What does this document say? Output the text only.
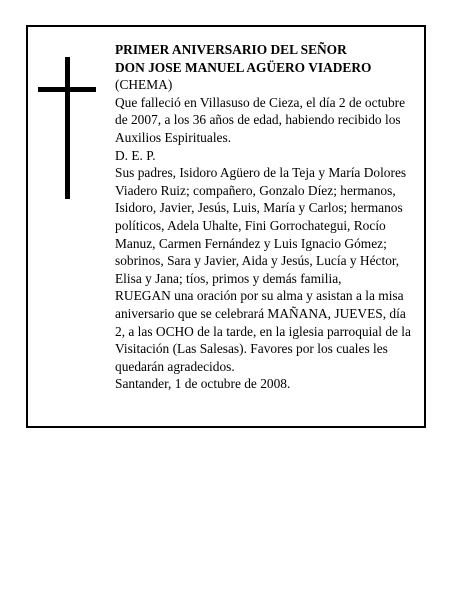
PRIMER ANIVERSARIO DEL SEÑOR

DON JOSE MANUEL AGÜERO VIADERO

(CHEMA)

Que falleció en Villasuso de Cieza, el día 2 de octubre de 2007, a los 36 años de edad, habiendo recibido los Auxilios Espirituales.

D. E. P.

Sus padres, Isidoro Agüero de la Teja y María Dolores Viadero Ruiz; compañero, Gonzalo Díez; hermanos, Isidoro, Javier, Jesús, Luis, María y Carlos; hermanos políticos, Adela Uhalte, Fini Gorrochategui, Rocío Manuz, Carmen Fernández y Luis Ignacio Gómez; sobrinos, Sara y Javier, Aida y Jesús, Lucía y Héctor, Elisa y Jana; tíos, primos y demás familia,

RUEGAN una oración por su alma y asistan a la misa aniversario que se celebrará MAÑANA, JUEVES, día 2, a las OCHO de la tarde, en la iglesia parroquial de la Visitación (Las Salesas). Favores por los cuales les quedarán agradecidos.

Santander, 1 de octubre de 2008.
